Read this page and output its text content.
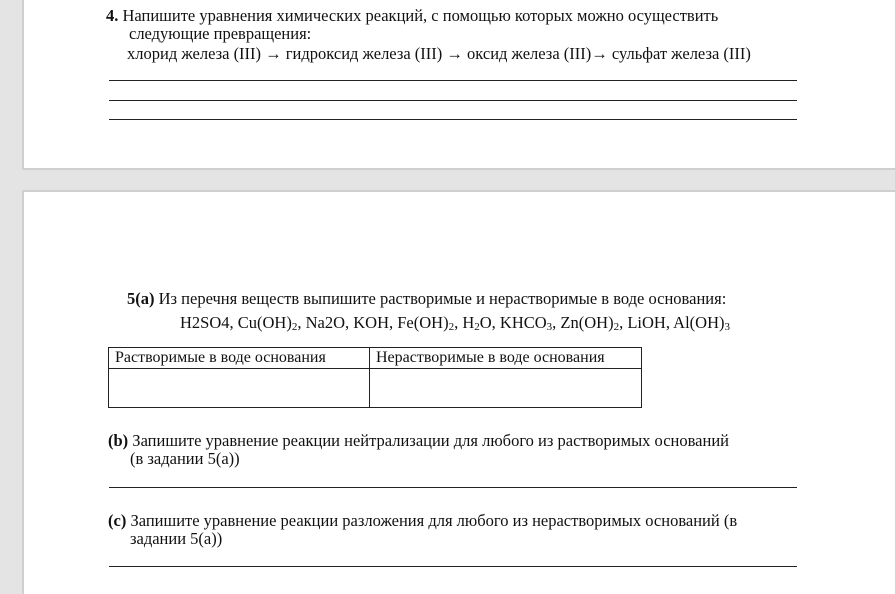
4. Напишите уравнения химических реакций, с помощью которых можно осуществить
следующие превращения:
хлорид железа (III) → гидроксид железа (III) → оксид железа (III)→ сульфат железа (III)
5(a) Из перечня веществ выпишите растворимые и нерастворимые в воде основания:
H2SO4, $Cu(OH)_2$, Na2O, KOH, $Fe(OH)_2$, $H_2O$, $KHCO_3$, $Zn(OH)_2$, LiOH, $Al(OH)_3$
Растворимые в воде основания	Нерастворимые в воде основания

(b) Запишите уравнение реакции нейтрализации для любого из растворимых оснований
(в задании 5(a))
(c) Запишите уравнение реакции разложения для любого из нерастворимых оснований (в
задании 5(a))
